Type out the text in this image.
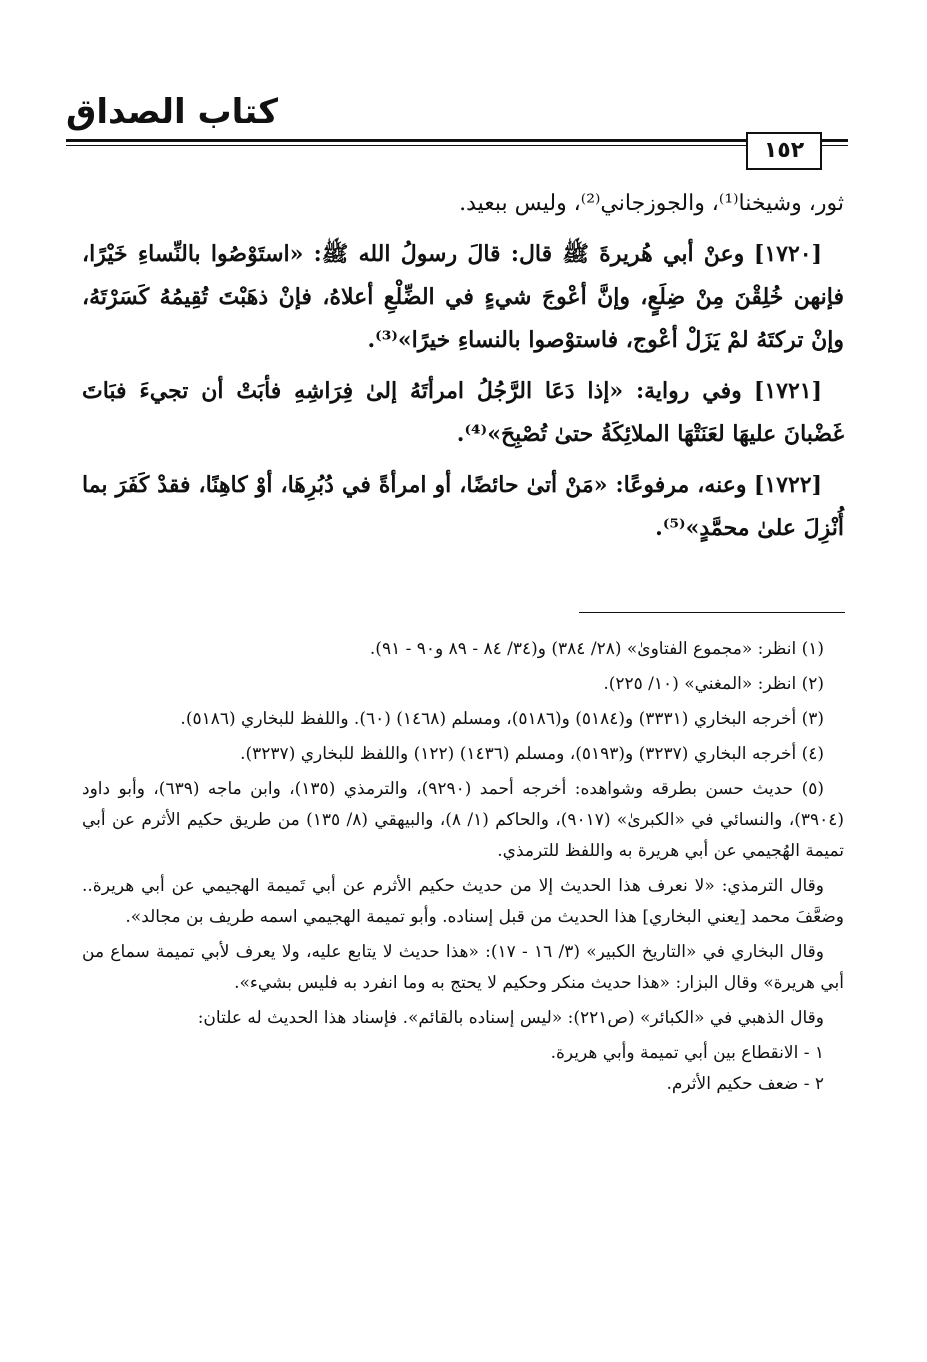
كتاب الصداق
١٥٢

ثور، وشيخنا⁽¹⁾، والجوزجاني⁽²⁾، وليس ببعيد.

[١٧٢٠] وعنْ أبي هُريرةَ ﷺ قال: قالَ رسولُ الله ﷺ: «استَوْصُوا بالنِّساءِ خَيْرًا، فإنهن خُلِقْنَ مِنْ ضِلَعٍ، وإنَّ أعْوجَ شيءٍ في الضِّلْعِ أعلاهُ، فإنْ ذهَبْتَ تُقِيمُهُ كَسَرْتَهُ، وإنْ تركتَهُ لمْ يَزَلْ أعْوج، فاستوْصوا بالنساءِ خيرًا»⁽³⁾.

[١٧٢١] وفي رواية: «إذا دَعَا الرَّجُلُ امرأتَهُ إلىٰ فِرَاشِهِ فأبَتْ أن تجيءَ فبَاتَ غَضْبانَ عليهَا لعَنَتْهَا الملائِكَةُ حتىٰ تُصْبِحَ»⁽⁴⁾.

[١٧٢٢] وعنه، مرفوعًا: «مَنْ أتىٰ حائضًا، أو امرأةً في دُبُرِهَا، أوْ كاهِنًا، فقدْ كَفَرَ بما أُنْزِلَ علىٰ محمَّدٍ»⁽⁵⁾.

(١) انظر: «مجموع الفتاوىٰ» (٢٨/ ٣٨٤) و(٣٤/ ٨٤ - ٨٩ و٩٠ - ٩١).

(٢) انظر: «المغني» (١٠/ ٢٢٥).

(٣) أخرجه البخاري (٣٣٣١) و(٥١٨٤) و(٥١٨٦)، ومسلم (١٤٦٨) (٦٠). واللفظ للبخاري (٥١٨٦).

(٤) أخرجه البخاري (٣٢٣٧) و(٥١٩٣)، ومسلم (١٤٣٦) (١٢٢) واللفظ للبخاري (٣٢٣٧).

(٥) حديث حسن بطرقه وشواهده: أخرجه أحمد (٩٢٩٠)، والترمذي (١٣٥)، وابن ماجه (٦٣٩)، وأبو داود (٣٩٠٤)، والنسائي في «الكبرىٰ» (٩٠١٧)، والحاكم (١/ ٨)، والبيهقي (٨/ ١٣٥) من طريق حكيم الأثرم عن أبي تميمة الهُجيمي عن أبي هريرة به واللفظ للترمذي.

وقال الترمذي: «لا نعرف هذا الحديث إلا من حديث حكيم الأثرم عن أبي تَميمة الهجيمي عن أبي هريرة.. وضعَّفَ محمد [يعني البخاري] هذا الحديث من قبل إسناده. وأبو تميمة الهجيمي اسمه طريف بن مجالد».

وقال البخاري في «التاريخ الكبير» (٣/ ١٦ - ١٧): «هذا حديث لا يتابع عليه، ولا يعرف لأبي تميمة سماع من أبي هريرة» وقال البزار: «هذا حديث منكر وحكيم لا يحتج به وما انفرد به فليس بشيء».

وقال الذهبي في «الكبائر» (ص٢٢١): «ليس إسناده بالقائم». فإسناد هذا الحديث له علتان:

١ - الانقطاع بين أبي تميمة وأبي هريرة.

٢ - ضعف حكيم الأثرم.
